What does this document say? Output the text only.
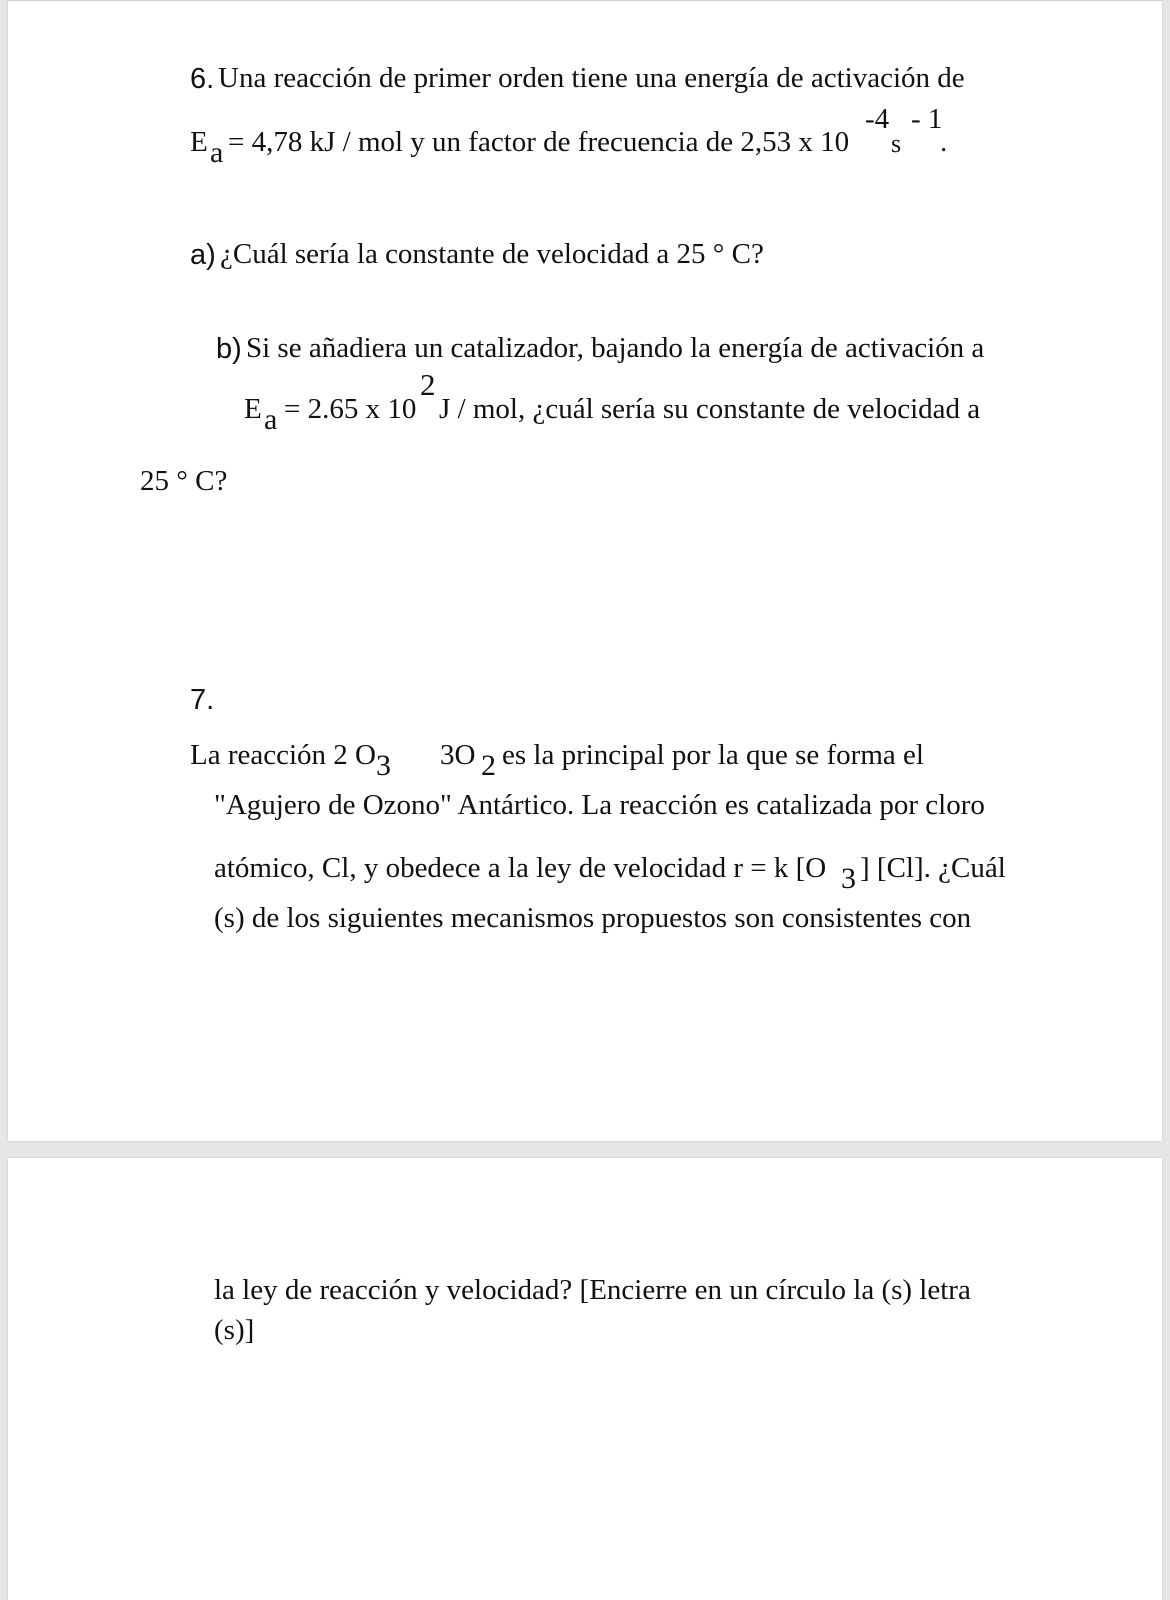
6. Una reacción de primer orden tiene una energía de activación de
E a = 4,78 kJ / mol y un factor de frecuencia de 2,53 x 10
-4
s
- 1
.
a) ¿Cuál sería la constante de velocidad a 25 ° C?
b) Si se añadiera un catalizador, bajando la energía de activación a
E a = 2.65 x 10
2
J / mol, ¿cuál sería su constante de velocidad a
25 ° C?
7.
La reacción 2 O 3 3O 2 es la principal por la que se forma el
"Agujero de Ozono" Antártico. La reacción es catalizada por cloro
atómico, Cl, y obedece a la ley de velocidad r = k [O 3 ] [Cl]. ¿Cuál
(s) de los siguientes mecanismos propuestos son consistentes con
la ley de reacción y velocidad? [Encierre en un círculo la (s) letra
(s)]
